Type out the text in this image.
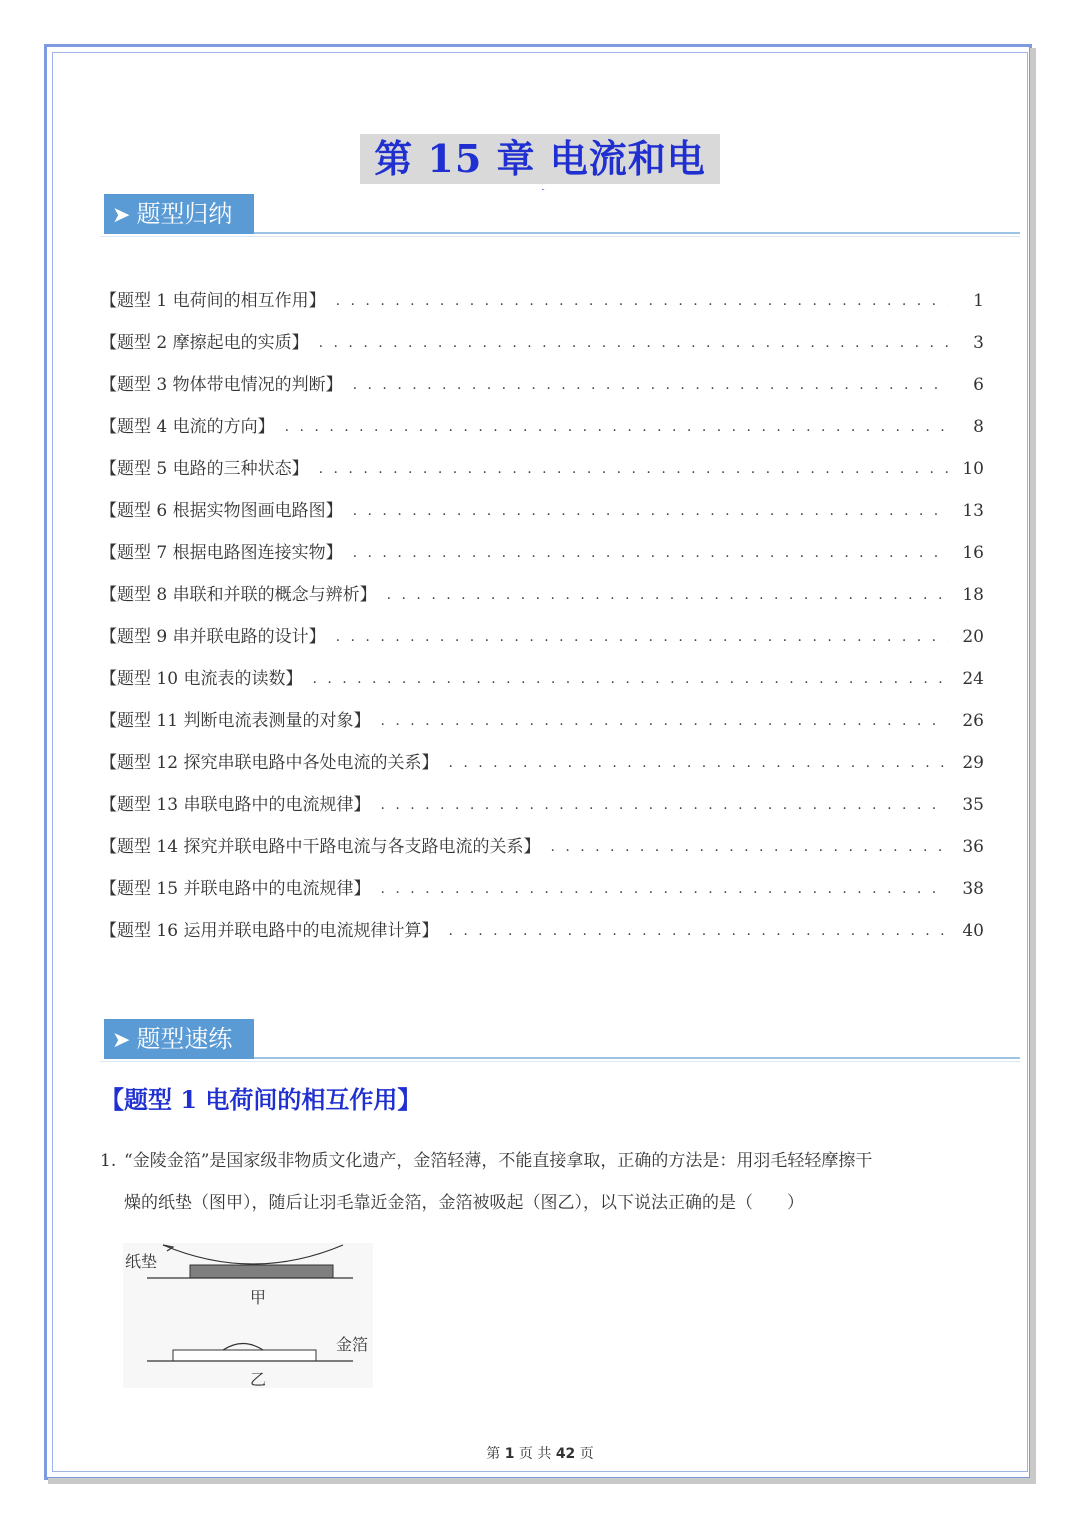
第 15 章 电流和电
➤ 题型归纳
【题型 1 电荷间的相互作用】 . . .	1
【题型 2 摩擦起电的实质】 . . .	3
【题型 3 物体带电情况的判断】 . . .	6
【题型 4 电流的方向】 . . .	8
【题型 5 电路的三种状态】 . . .	10
【题型 6 根据实物图画电路图】 . . .	13
【题型 7 根据电路图连接实物】 . . .	16
【题型 8 串联和并联的概念与辨析】 . . .	18
【题型 9 串并联电路的设计】 . . .	20
【题型 10 电流表的读数】 . . .	24
【题型 11 判断电流表测量的对象】 . . .	26
【题型 12 探究串联电路中各处电流的关系】 . . .	29
【题型 13 串联电路中的电流规律】 . . .	35
【题型 14 探究并联电路中干路电流与各支路电流的关系】 . . .	36
【题型 15 并联电路中的电流规律】 . . .	38
【题型 16 运用并联电路中的电流规律计算】 . . .	40
➤ 题型速练
【题型 1 电荷间的相互作用】
1. “金陵金箔”是国家级非物质文化遗产，金箔轻薄，不能直接拿取，正确的方法是：用羽毛轻轻摩擦干
燥的纸垫（图甲），随后让羽毛靠近金箔，金箔被吸起（图乙），以下说法正确的是（　　）
纸垫
甲
金箔
乙
第 1 页 共 42 页
